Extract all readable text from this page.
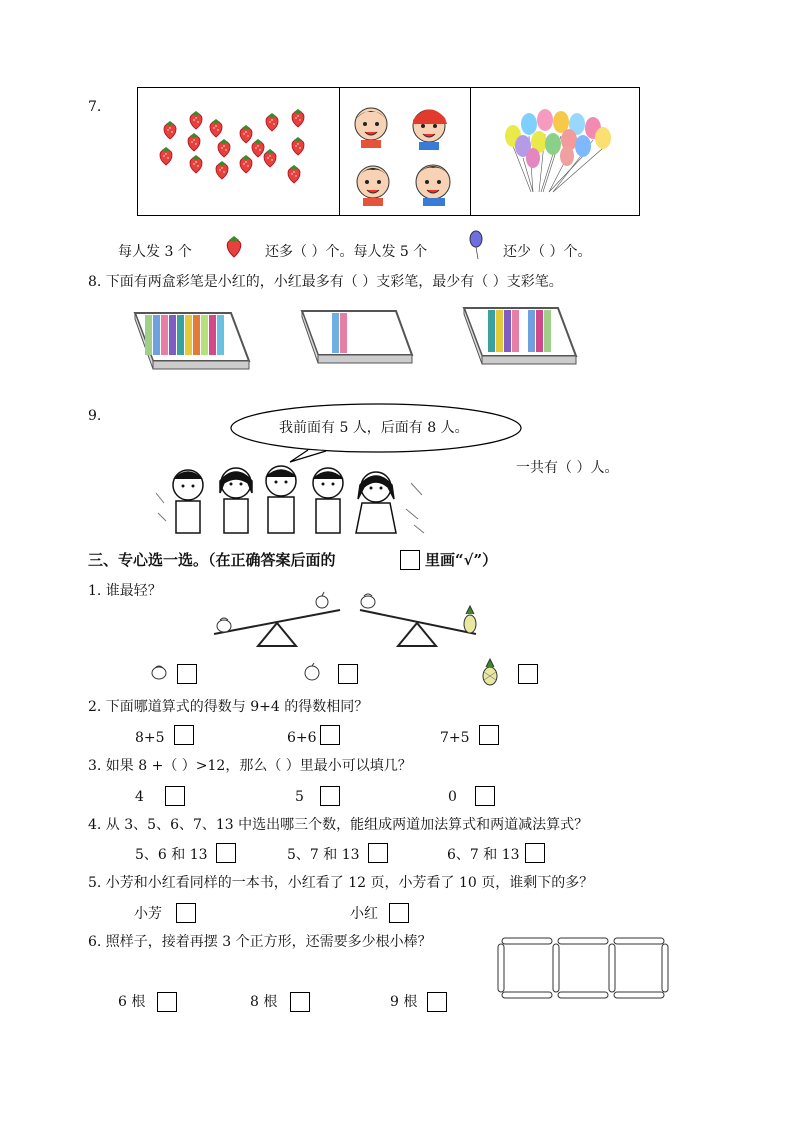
7.
每人发 3 个	还多（ ）个。每人发 5 个	还少（ ）个。
8. 下面有两盒彩笔是小红的，小红最多有（ ）支彩笔，最少有（ ）支彩笔。
9.
我前面有 5 人，后面有 8 人。
一共有（ ）人。
三、专心选一选。（在正确答案后面的	里画“√”）
1. 谁最轻？
2. 下面哪道算式的得数与 9+4 的得数相同？
8+5	6+6	7+5
3. 如果 8 +（ ）>12，那么（ ）里最小可以填几？
4	5	0
4. 从 3、5、6、7、13 中选出哪三个数，能组成两道加法算式和两道减法算式？
5、6 和 13	5、7 和 13	6、7 和 13
5. 小芳和小红看同样的一本书，小红看了 12 页，小芳看了 10 页，谁剩下的多？
小芳	小红
6. 照样子，接着再摆 3 个正方形，还需要多少根小棒？
6 根	8 根	9 根
